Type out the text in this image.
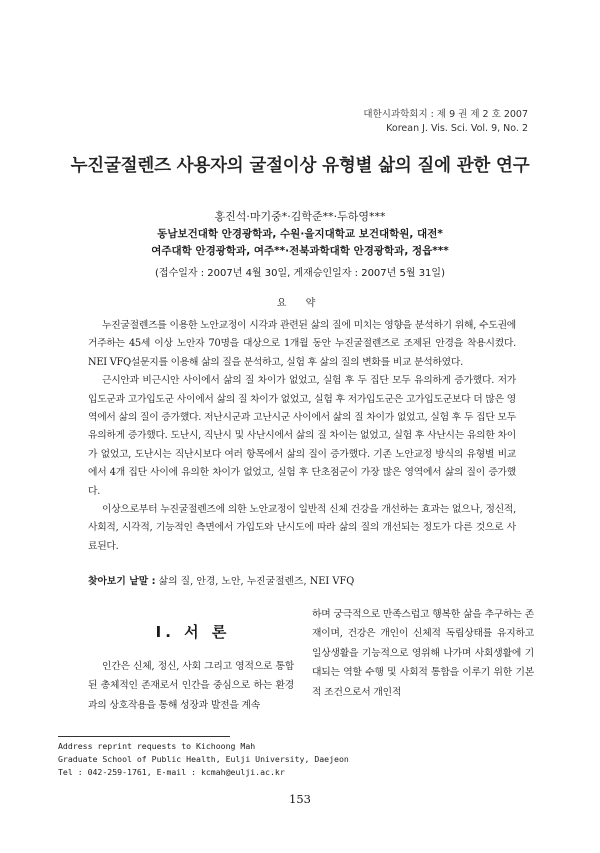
대한시과학회지 : 제 9 권 제 2 호 2007
Korean J. Vis. Sci. Vol. 9, No. 2
누진굴절렌즈 사용자의 굴절이상 유형별 삶의 질에 관한 연구
홍진석·마기중*·김학준**·두하영***
동남보건대학 안경광학과, 수원·을지대학교 보건대학원, 대전*
여주대학 안경광학과, 여주**·전북과학대학 안경광학과, 정읍***
(접수일자 : 2007년 4월 30일, 게재승인일자 : 2007년 5월 31일)
요 약

누진굴절렌즈를 이용한 노안교정이 시각과 관련된 삶의 질에 미치는 영향을 분석하기 위해, 수도권에 거주하는 45세 이상 노안자 70명을 대상으로 1개월 동안 누진굴절렌즈로 조제된 안경을 착용시켰다. NEI VFQ설문지를 이용해 삶의 질을 분석하고, 실험 후 삶의 질의 변화를 비교 분석하였다.

근시안과 비근시안 사이에서 삶의 질 차이가 없었고, 실험 후 두 집단 모두 유의하게 증가했다. 저가입도군과 고가입도군 사이에서 삶의 질 차이가 없었고, 실험 후 저가입도군은 고가입도군보다 더 많은 영역에서 삶의 질이 증가했다. 저난시군과 고난시군 사이에서 삶의 질 차이가 없었고, 실험 후 두 집단 모두 유의하게 증가했다. 도난시, 직난시 및 사난시에서 삶의 질 차이는 없었고, 실험 후 사난시는 유의한 차이가 없었고, 도난시는 직난시보다 여러 항목에서 삶의 질이 증가했다. 기존 노안교정 방식의 유형별 비교에서 4개 집단 사이에 유의한 차이가 없었고, 실험 후 단초점군이 가장 많은 영역에서 삶의 질이 증가했다.

이상으로부터 누진굴절렌즈에 의한 노안교정이 일반적 신체 건강을 개선하는 효과는 없으나, 정신적, 사회적, 시각적, 기능적인 측면에서 가입도와 난시도에 따라 삶의 질의 개선되는 정도가 다른 것으로 사료된다.

찾아보기 낱말 : 삶의 질, 안경, 노안, 누진굴절렌즈, NEI VFQ
I. 서 론

인간은 신체, 정신, 사회 그리고 영적으로 통합된 총체적인 존재로서 인간을 중심으로 하는 환경과의 상호작용을 통해 성장과 발전을 계속

하며 궁극적으로 만족스럽고 행복한 삶을 추구하는 존재이며, 건강은 개인이 신체적 독립상태를 유지하고 일상생활을 기능적으로 영위해 나가며 사회생활에 기대되는 역할 수행 및 사회적 통합을 이루기 위한 기본적 조건으로서 개인적

Address reprint requests to Kichoong Mah
Graduate School of Public Health, Eulji University, Daejeon
Tel : 042-259-1761, E-mail : kcmah@eulji.ac.kr
153
